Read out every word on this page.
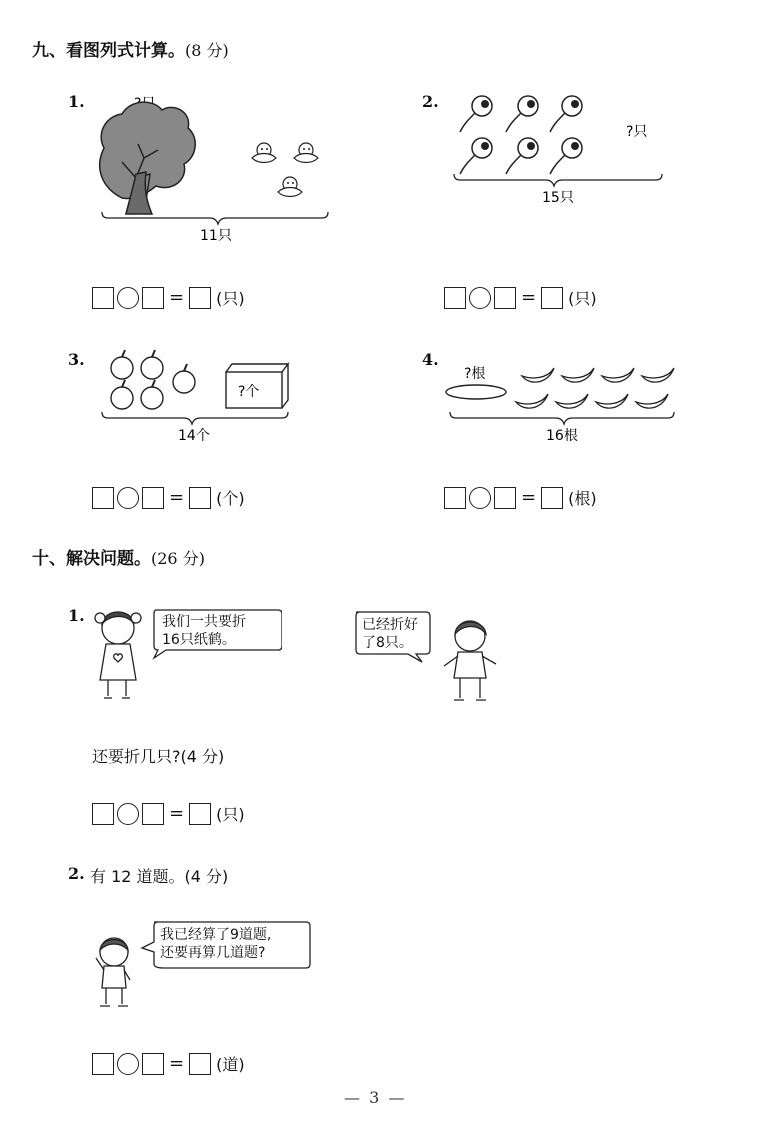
九、看图列式计算。(8 分)
1.
11只
= (只)
2.
?只
15只
= (只)
3.
?个
14个
= (个)
4.
?根
16根
= (根)
十、解决问题。(26 分)
1.	我们一共要折
16只纸鹤。
已经折好
了8只。
还要折几只?(4 分)
= (只)
2. 有 12 道题。(4 分)
我已经算了9道题,
还要再算几道题?
= (道)
— 3 —
